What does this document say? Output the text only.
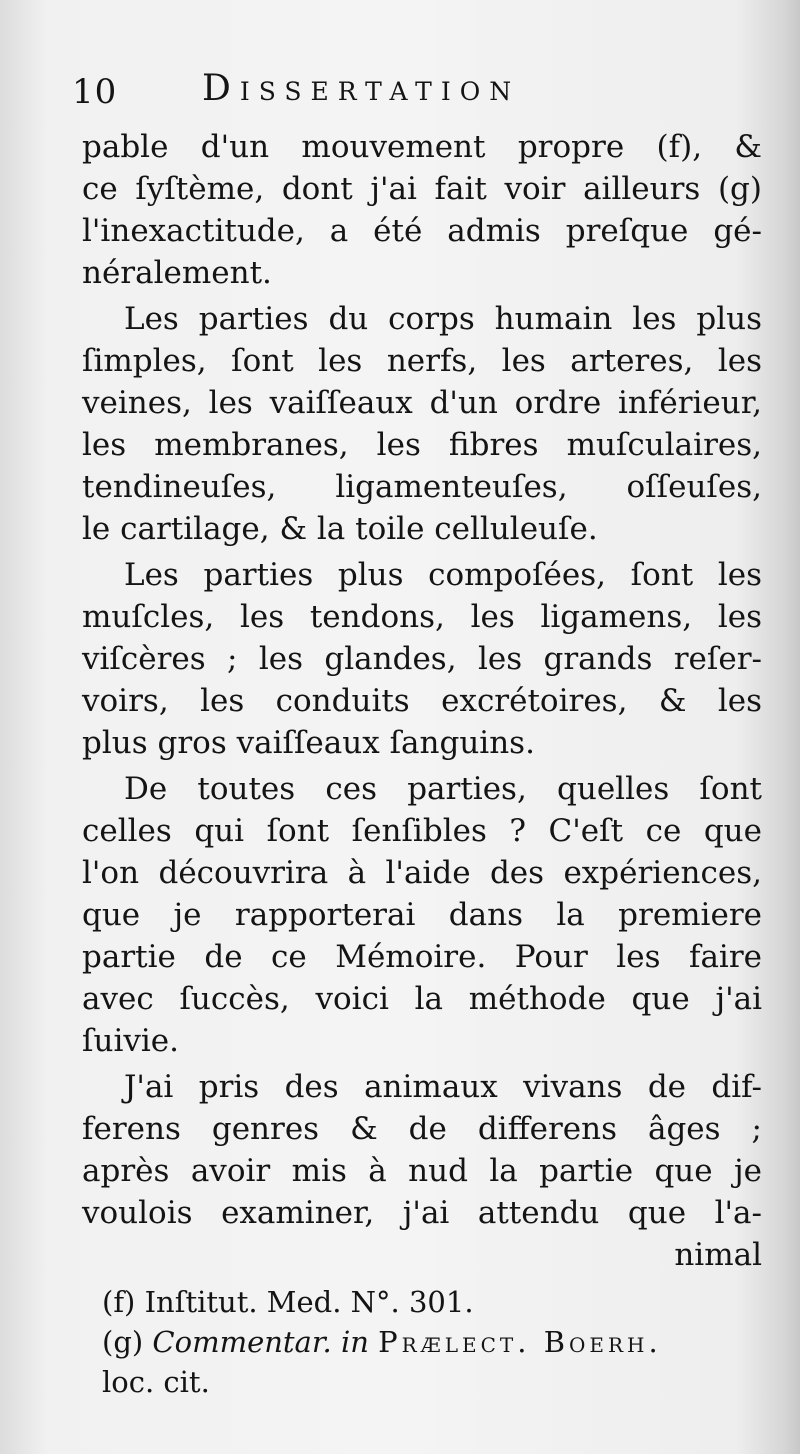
10 Dissertation
pable d'un mouvement propre (f), &
ce ſyſtème, dont j'ai fait voir ailleurs (g)
l'inexactitude, a été admis preſque gé-
néralement.
Les parties du corps humain les plus
ſimples, ſont les nerfs, les arteres, les
veines, les vaiſſeaux d'un ordre inférieur,
les membranes, les fibres muſculaires,
tendineuſes, ligamenteuſes, oſſeuſes,
le cartilage, & la toile celluleuſe.
Les parties plus compoſées, ſont les
muſcles, les tendons, les ligamens, les
viſcères ; les glandes, les grands reſer-
voirs, les conduits excrétoires, & les
plus gros vaiſſeaux ſanguins.
De toutes ces parties, quelles ſont
celles qui ſont ſenſibles ? C'eſt ce que
l'on découvrira à l'aide des expériences,
que je rapporterai dans la premiere
partie de ce Mémoire. Pour les faire
avec ſuccès, voici la méthode que j'ai
ſuivie.
J'ai pris des animaux vivans de dif-
ferens genres & de differens âges ;
après avoir mis à nud la partie que je
voulois examiner, j'ai attendu que l'a-
nimal
(f) Inſtitut. Med. N°. 301.
(g) Commentar. in Prælect. Boerh.
loc. cit.
